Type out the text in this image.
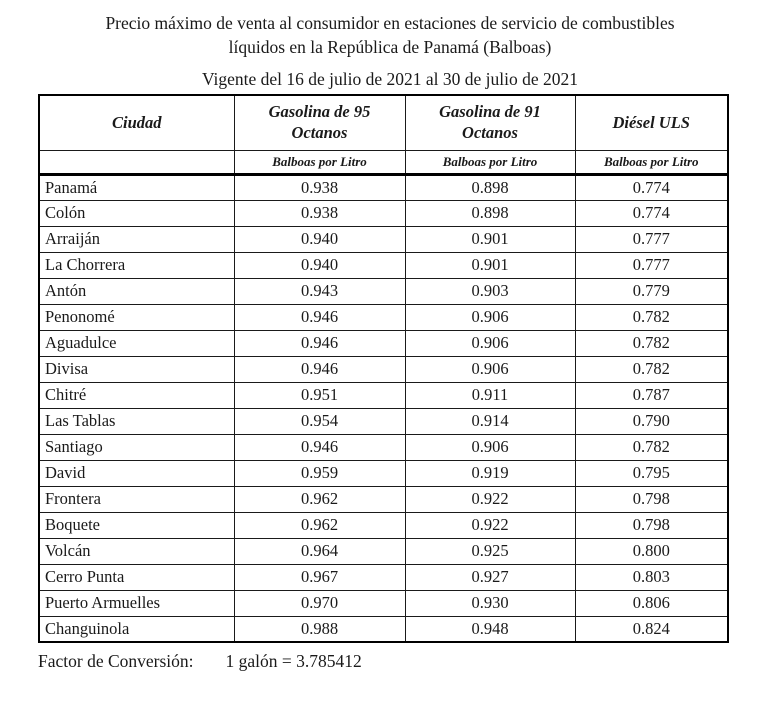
Precio máximo de venta al consumidor en estaciones de servicio de combustibles
líquidos en la República de Panamá (Balboas)
Vigente del 16 de julio de 2021 al 30 de julio de 2021
Ciudad	Gasolina de 95 Octanos	Gasolina de 91 Octanos	Diésel ULS
	Balboas por Litro	Balboas por Litro	Balboas por Litro
Panamá	0.938	0.898	0.774
Colón	0.938	0.898	0.774
Arraiján	0.940	0.901	0.777
La Chorrera	0.940	0.901	0.777
Antón	0.943	0.903	0.779
Penonomé	0.946	0.906	0.782
Aguadulce	0.946	0.906	0.782
Divisa	0.946	0.906	0.782
Chitré	0.951	0.911	0.787
Las Tablas	0.954	0.914	0.790
Santiago	0.946	0.906	0.782
David	0.959	0.919	0.795
Frontera	0.962	0.922	0.798
Boquete	0.962	0.922	0.798
Volcán	0.964	0.925	0.800
Cerro Punta	0.967	0.927	0.803
Puerto Armuelles	0.970	0.930	0.806
Changuinola	0.988	0.948	0.824
Factor de Conversión: 1 galón = 3.785412
